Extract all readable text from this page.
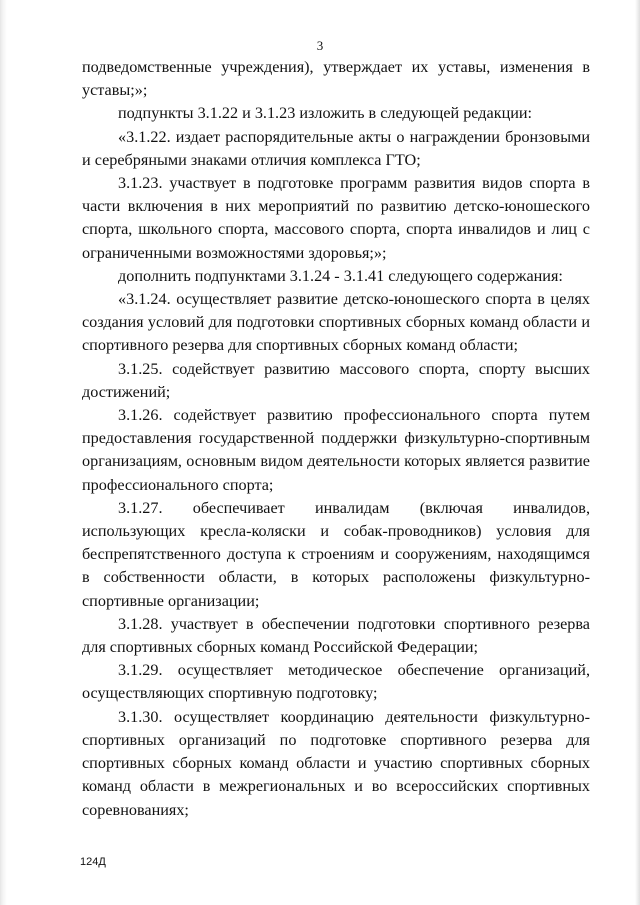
3

подведомственные учреждения), утверждает их уставы, изменения в уставы;»;

подпункты 3.1.22 и 3.1.23 изложить в следующей редакции:

«3.1.22. издает распорядительные акты о награждении бронзовыми и серебряными знаками отличия комплекса ГТО;

3.1.23. участвует в подготовке программ развития видов спорта в части включения в них мероприятий по развитию детско-юношеского спорта, школьного спорта, массового спорта, спорта инвалидов и лиц с ограниченными возможностями здоровья;»;

дополнить подпунктами 3.1.24 - 3.1.41 следующего содержания:

«3.1.24. осуществляет развитие детско-юношеского спорта в целях создания условий для подготовки спортивных сборных команд области и спортивного резерва для спортивных сборных команд области;

3.1.25. содействует развитию массового спорта, спорту высших достижений;

3.1.26. содействует развитию профессионального спорта путем предоставления государственной поддержки физкультурно-спортивным организациям, основным видом деятельности которых является развитие профессионального спорта;

3.1.27. обеспечивает инвалидам (включая инвалидов, использующих кресла-коляски и собак-проводников) условия для беспрепятственного доступа к строениям и сооружениям, находящимся в собственности области, в которых расположены физкультурно-спортивные организации;

3.1.28. участвует в обеспечении подготовки спортивного резерва для спортивных сборных команд Российской Федерации;

3.1.29. осуществляет методическое обеспечение организаций, осуществляющих спортивную подготовку;

3.1.30. осуществляет координацию деятельности физкультурно-спортивных организаций по подготовке спортивного резерва для спортивных сборных команд области и участию спортивных сборных команд области в межрегиональных и во всероссийских спортивных соревнованиях;

124Д
